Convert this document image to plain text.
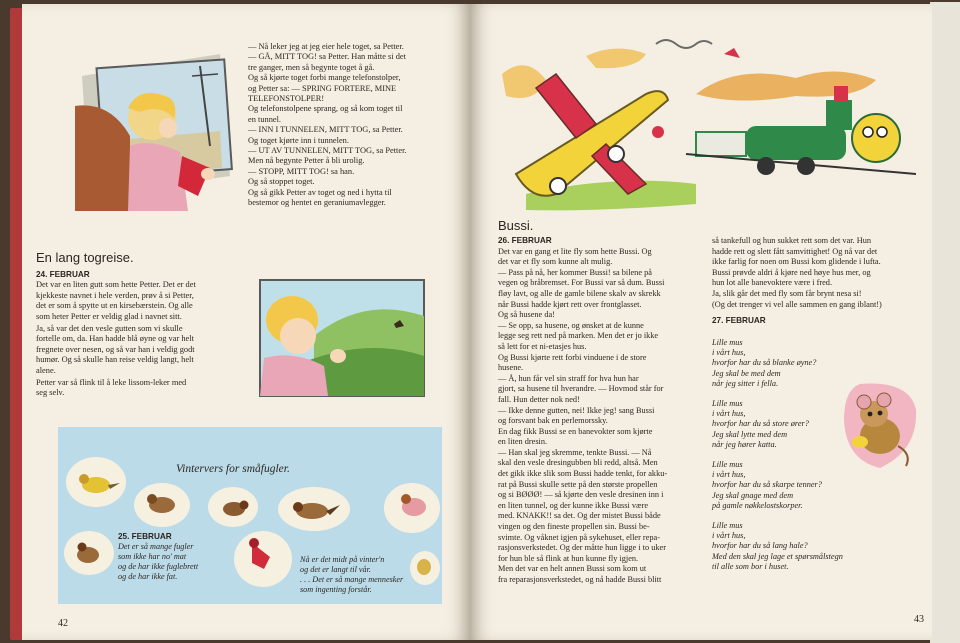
— Nå leker jeg at jeg eier hele toget, sa Petter.
— GÅ, MITT TOG! sa Petter. Han måtte si det
tre ganger, men så begynte toget å gå.
Og så kjørte toget forbi mange telefonstolper,
og Petter sa: — SPRING FORTERE, MINE
TELEFONSTOLPER!
Og telefonstolpene sprang, og så kom toget til
en tunnel.
— INN I TUNNELEN, MITT TOG, sa Petter.
Og toget kjørte inn i tunnelen.
— UT AV TUNNELEN, MITT TOG, sa Petter.
Men nå begynte Petter å bli urolig.
— STOPP, MITT TOG! sa han.
Og så stoppet toget.
Og så gikk Petter av toget og ned i hytta til
bestemor og hentet en geraniumavlegger.
En lang togreise.
24. FEBRUAR
Det var en liten gutt som hette Petter. Det er det
kjekkeste navnet i hele verden, prøv å si Petter,
det er som å spytte ut en kirsebærstein. Og alle
som heter Petter er veldig glad i navnet sitt.
Ja, så var det den vesle gutten som vi skulle
fortelle om, da. Han hadde blå øyne og var helt
fregnete over nesen, og så var han i veldig godt
humør. Og så skulle han reise veldig langt, helt
alene.
Petter var så flink til å leke lissom-leker med
seg selv.
Vintervers for småfugler.
25. FEBRUAR
Det er så mange fugler
som ikke har no' mat
og de har ikke fuglebrett
og de har ikke fat.
Nå er det midt på vinter'n
og det er langt til vår.
. . . Det er så mange mennesker
som ingenting forstår.
42
Bussi.
26. FEBRUAR
Det var en gang et lite fly som hette Bussi. Og
det var et fly som kunne alt mulig.
— Pass på nå, her kommer Bussi! sa bilene på
vegen og bråbremset. For Bussi var så dum. Bussi
fløy lavt, og alle de gamle bilene skalv av skrekk
når Bussi hadde kjørt rett over frontglasset.
Og så husene da!
— Se opp, sa husene, og ønsket at de kunne
legge seg rett ned på marken. Men det er jo ikke
så lett for et ni-etasjes hus.
Og Bussi kjørte rett forbi vinduene i de store
husene.
— Å, hun får vel sin straff for hva hun har
gjort, sa husene til hverandre. — Hovmod står for
fall. Hun detter nok ned!
— Ikke denne gutten, nei! Ikke jeg! sang Bussi
og forsvant bak en perlemorssky.
En dag fikk Bussi se en banevokter som kjørte
en liten dresin.
— Han skal jeg skremme, tenkte Bussi. — Nå
skal den vesle dresingubben bli redd, altså. Men
det gikk ikke slik som Bussi hadde tenkt, for akku-
rat på Bussi skulle sette på den største propellen
og si BØØØ! — så kjørte den vesle dresinen inn i
en liten tunnel, og der kunne ikke Bussi være
med. KNAKK!! sa det. Og der mistet Bussi både
vingen og den fineste propellen sin. Bussi be-
svimte. Og våknet igjen på sykehuset, eller repa-
rasjonsverkstedet. Og der måtte hun ligge i to uker
for hun ble så flink at hun kunne fly igjen.
Men det var en helt annen Bussi som kom ut
fra reparasjonsverkstedet, og nå hadde Bussi blitt
så tankefull og hun sukket rett som det var. Hun
hadde rett og slett fått samvittighet! Og nå var det
ikke farlig for noen om Bussi kom glidende i lufta.
Bussi prøvde aldri å kjøre ned høye hus mer, og
hun lot alle banevoktere være i fred.
Ja, slik går det med fly som får brynt nesa si!
(Og det trenger vi vel alle sammen en gang iblant!)
27. FEBRUAR
Lille mus
i vårt hus,
hvorfor har du så blanke øyne?
Jeg skal be med dem
når jeg sitter i fella.
Lille mus
i vårt hus,
hvorfor har du så store ører?
Jeg skal lytte med dem
når jeg hører katta.
Lille mus
i vårt hus,
hvorfor har du så skarpe tenner?
Jeg skal gnage med dem
på gamle nøkkelostskorper.
Lille mus
i vårt hus,
hvorfor har du så lang hale?
Med den skal jeg lage et spørsmålstegn
til alle som bor i huset.
43
